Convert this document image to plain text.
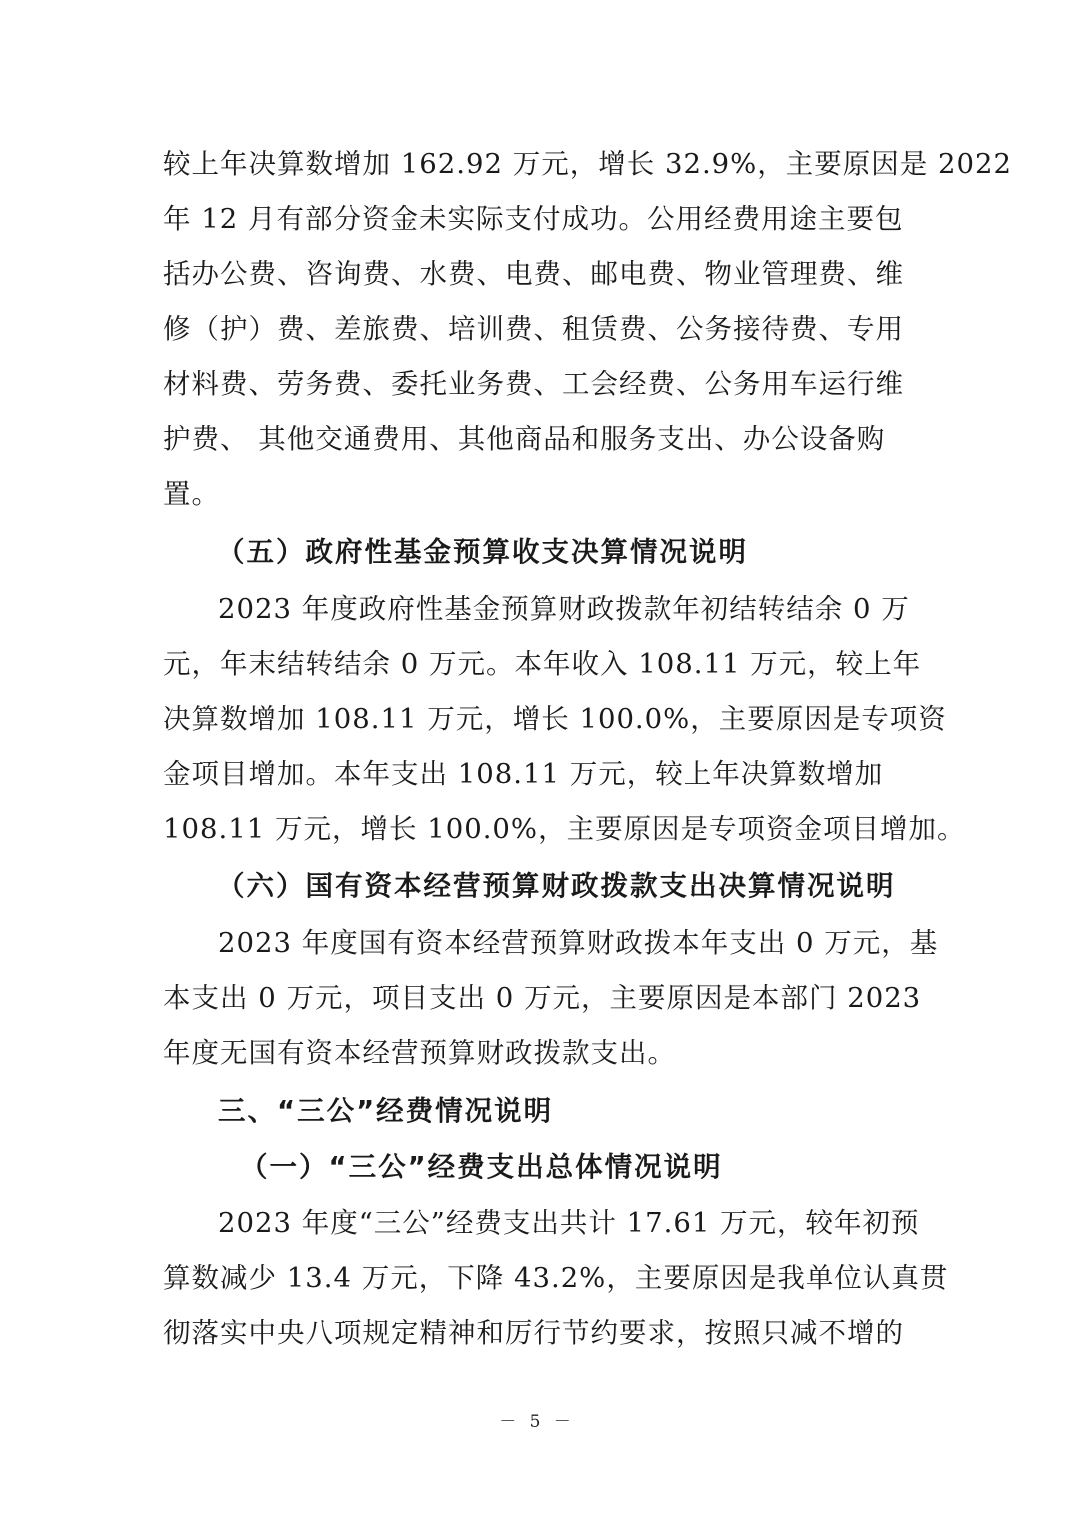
较上年决算数增加 162.92 万元，增长 32.9%，主要原因是 2022
年 12 月有部分资金未实际支付成功。公用经费用途主要包
括办公费、咨询费、水费、电费、邮电费、物业管理费、维
修（护）费、差旅费、培训费、租赁费、公务接待费、专用
材料费、劳务费、委托业务费、工会经费、公务用车运行维
护费、 其他交通费用、其他商品和服务支出、办公设备购
置。
（五）政府性基金预算收支决算情况说明
2023 年度政府性基金预算财政拨款年初结转结余 0 万
元，年末结转结余 0 万元。本年收入 108.11 万元，较上年
决算数增加 108.11 万元，增长 100.0%，主要原因是专项资
金项目增加。本年支出 108.11 万元，较上年决算数增加
108.11 万元，增长 100.0%，主要原因是专项资金项目增加。
（六）国有资本经营预算财政拨款支出决算情况说明
2023 年度国有资本经营预算财政拨本年支出 0 万元，基
本支出 0 万元，项目支出 0 万元，主要原因是本部门 2023
年度无国有资本经营预算财政拨款支出。
三、“三公”经费情况说明
（一）“三公”经费支出总体情况说明
2023 年度“三公”经费支出共计 17.61 万元，较年初预
算数减少 13.4 万元，下降 43.2%，主要原因是我单位认真贯
彻落实中央八项规定精神和厉行节约要求，按照只减不增的
－ 5 －
